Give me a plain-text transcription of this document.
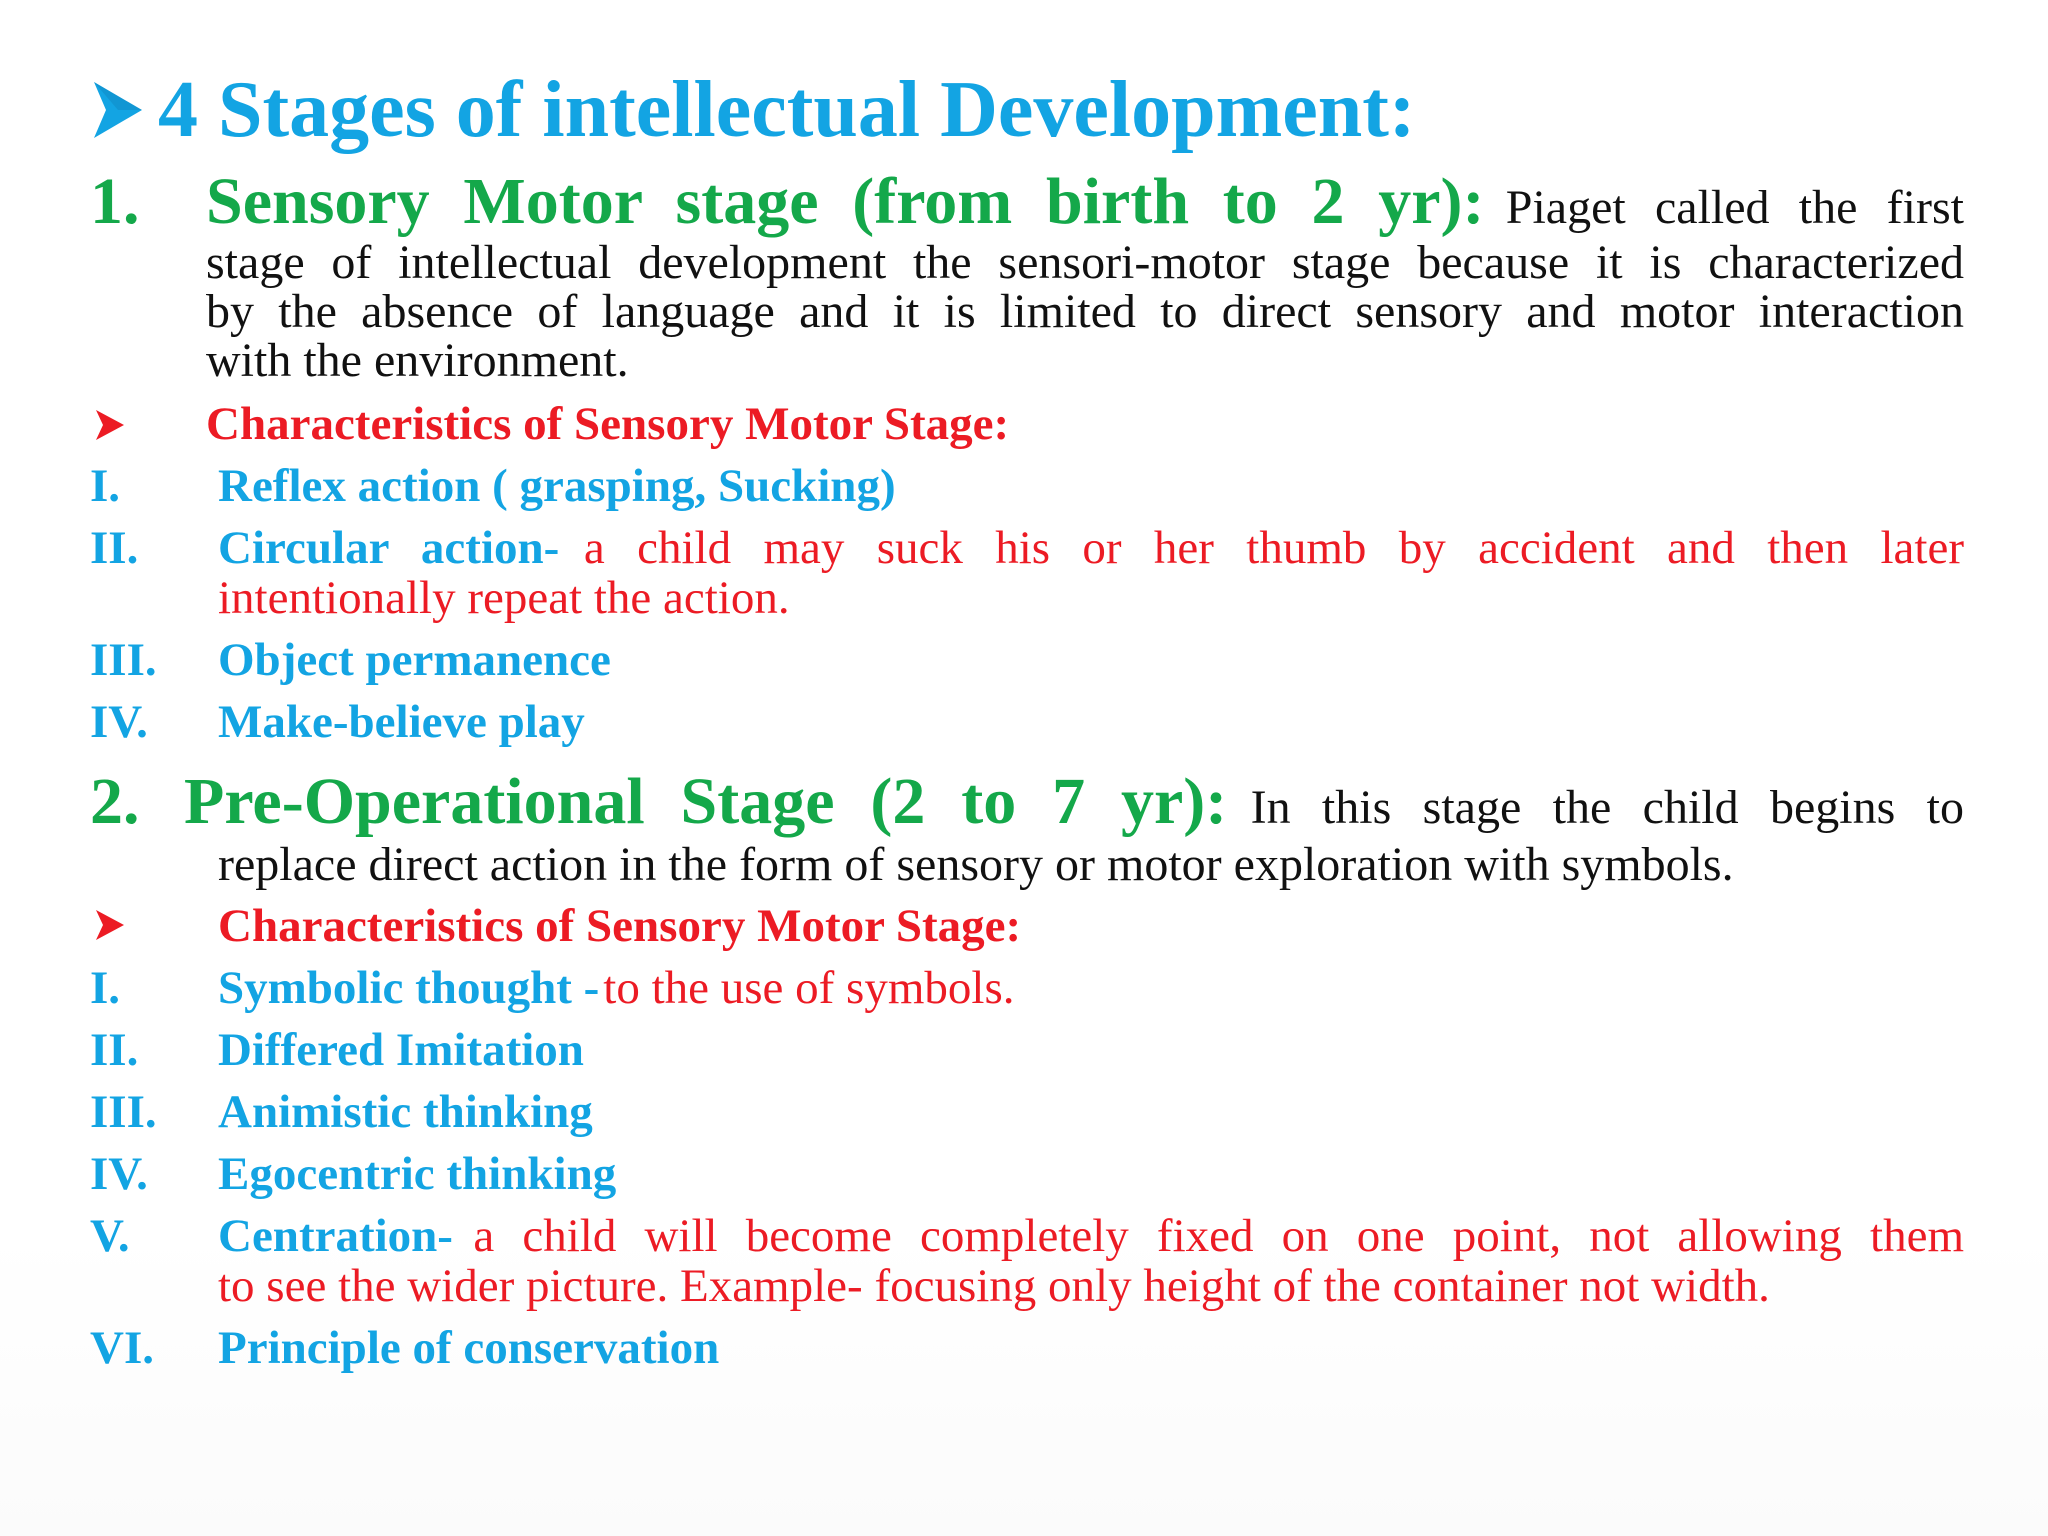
4 Stages of intellectual Development:
1. Sensory Motor stage (from birth to 2 yr): Piaget called the first
stage of intellectual development the sensori-motor stage because it is characterized
by the absence of language and it is limited to direct sensory and motor interaction
with the environment.
Characteristics of Sensory Motor Stage:
I. Reflex action ( grasping, Sucking)
II. Circular action- a child may suck his or her thumb by accident and then later
intentionally repeat the action.
III. Object permanence
IV. Make-believe play
2. Pre-Operational Stage (2 to 7 yr): In this stage the child begins to
replace direct action in the form of sensory or motor exploration with symbols.
Characteristics of Sensory Motor Stage:
I. Symbolic thought - to the use of symbols.
II. Differed Imitation
III. Animistic thinking
IV. Egocentric thinking
V. Centration- a child will become completely fixed on one point, not allowing them
to see the wider picture. Example- focusing only height of the container not width.
VI. Principle of conservation
